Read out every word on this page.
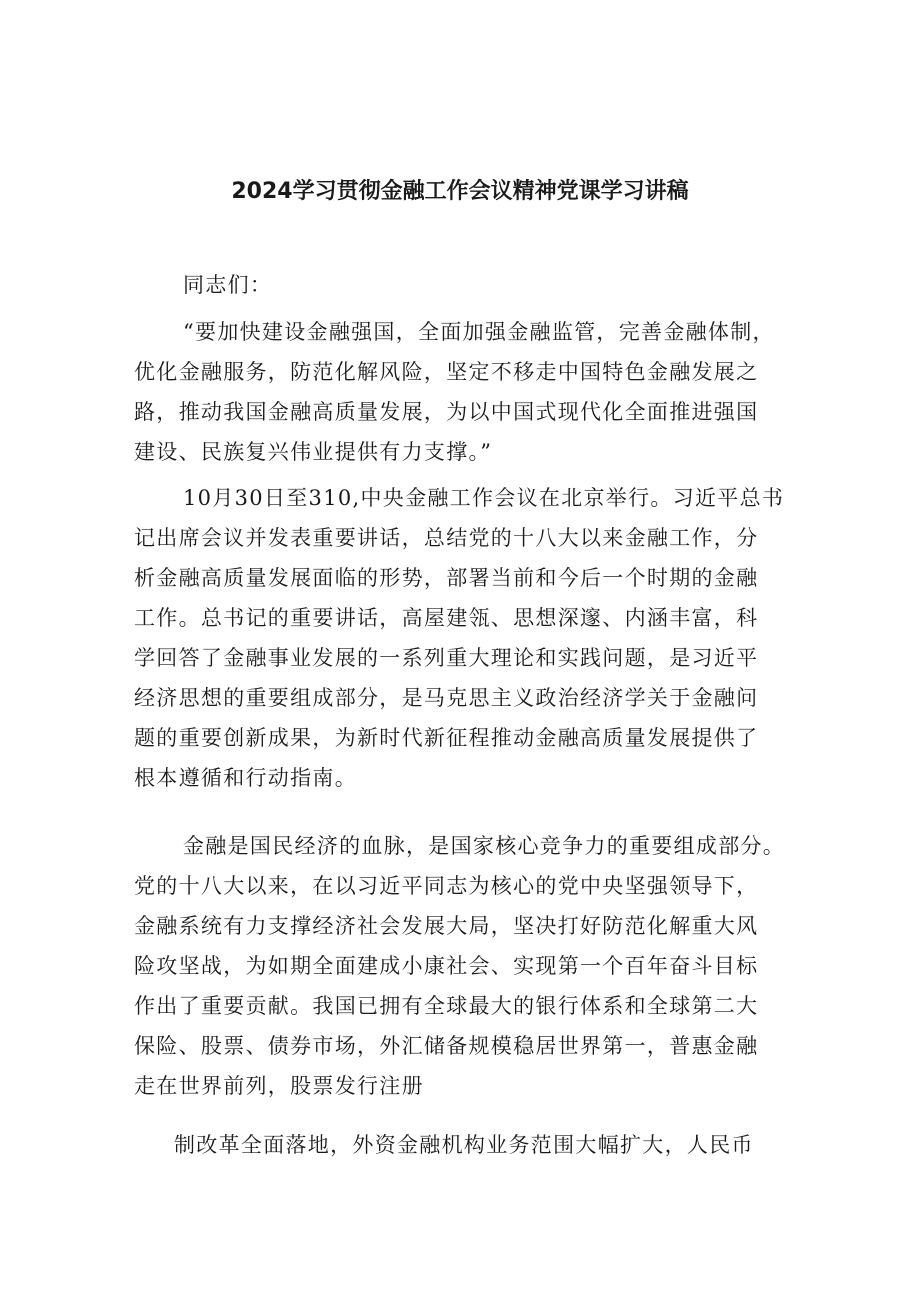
2024学习贯彻金融工作会议精神党课学习讲稿

同志们：

“要加快建设金融强国，全面加强金融监管，完善金融体制，
优化金融服务，防范化解风险，坚定不移走中国特色金融发展之
路，推动我国金融高质量发展，为以中国式现代化全面推进强国
建设、民族复兴伟业提供有力支撑。”

10月30日至310,中央金融工作会议在北京举行。习近平总书
记出席会议并发表重要讲话，总结党的十八大以来金融工作，分
析金融高质量发展面临的形势，部署当前和今后一个时期的金融
工作。总书记的重要讲话，高屋建瓴、思想深邃、内涵丰富，科
学回答了金融事业发展的一系列重大理论和实践问题，是习近平
经济思想的重要组成部分，是马克思主义政治经济学关于金融问
题的重要创新成果，为新时代新征程推动金融高质量发展提供了
根本遵循和行动指南。

金融是国民经济的血脉，是国家核心竞争力的重要组成部分。
党的十八大以来，在以习近平同志为核心的党中央坚强领导下，
金融系统有力支撑经济社会发展大局，坚决打好防范化解重大风
险攻坚战，为如期全面建成小康社会、实现第一个百年奋斗目标
作出了重要贡献。我国已拥有全球最大的银行体系和全球第二大
保险、股票、债券市场，外汇储备规模稳居世界第一，普惠金融
走在世界前列，股票发行注册

制改革全面落地，外资金融机构业务范围大幅扩大，人民币
